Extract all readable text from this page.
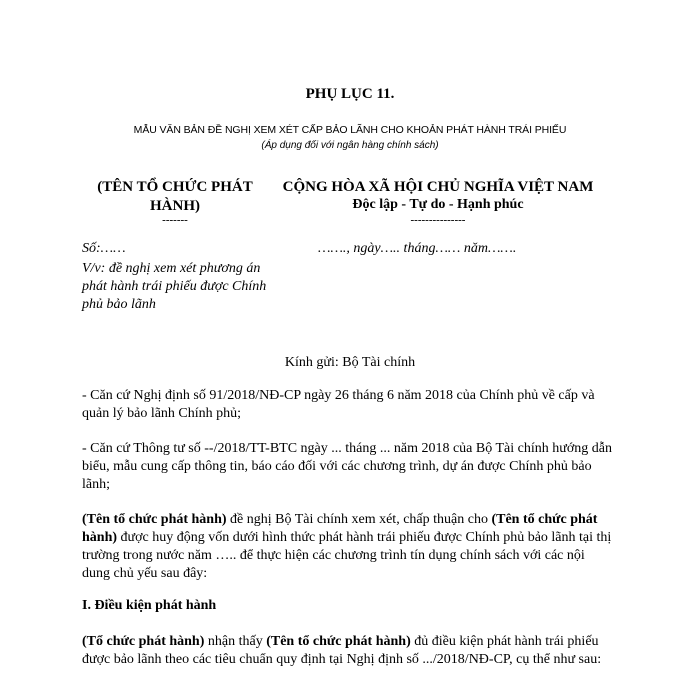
PHỤ LỤC 11.
MẪU VĂN BẢN ĐỀ NGHỊ XEM XÉT CẤP BẢO LÃNH CHO KHOẢN PHÁT HÀNH TRÁI PHIẾU
(Áp dụng đối với ngân hàng chính sách)
(TÊN TỔ CHỨC PHÁT HÀNH)
-------
CỘNG HÒA XÃ HỘI CHỦ NGHĨA VIỆT NAM
Độc lập - Tự do - Hạnh phúc
---------------
Số:……	……., ngày….. tháng…… năm…….
V/v: đề nghị xem xét phương án phát hành trái phiếu được Chính phủ bảo lãnh
Kính gửi: Bộ Tài chính
- Căn cứ Nghị định số 91/2018/NĐ-CP ngày 26 tháng 6 năm 2018 của Chính phủ về cấp và quản lý bảo lãnh Chính phủ;
- Căn cứ Thông tư số --/2018/TT-BTC ngày ... tháng ... năm 2018 của Bộ Tài chính hướng dẫn biểu, mẫu cung cấp thông tin, báo cáo đối với các chương trình, dự án được Chính phủ bảo lãnh;
(Tên tổ chức phát hành) đề nghị Bộ Tài chính xem xét, chấp thuận cho (Tên tổ chức phát hành) được huy động vốn dưới hình thức phát hành trái phiếu được Chính phủ bảo lãnh tại thị trường trong nước năm ….. để thực hiện các chương trình tín dụng chính sách với các nội dung chủ yếu sau đây:
I. Điều kiện phát hành
(Tổ chức phát hành) nhận thấy (Tên tổ chức phát hành) đủ điều kiện phát hành trái phiếu được bảo lãnh theo các tiêu chuẩn quy định tại Nghị định số .../2018/NĐ-CP, cụ thể như sau:
